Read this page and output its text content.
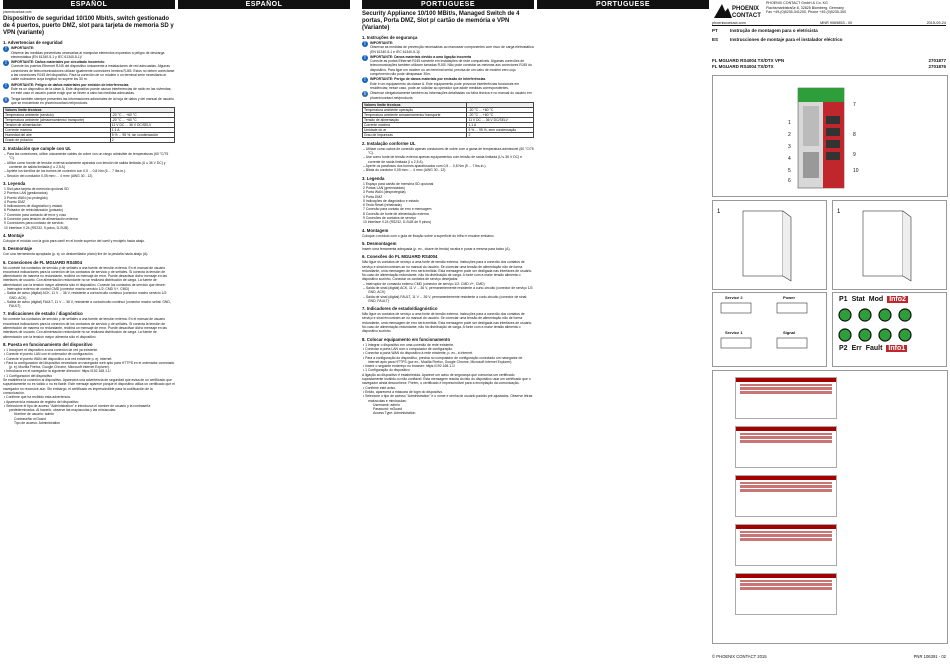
ESPAÑOL
phoenixcontact.com
Dispositivo de seguridad 10/100 Mbit/s, switch gestionado de 4 puertos, puerto DMZ, slot para tarjeta de memoria SD y VPN (variante)
1. Advertencias de seguridad
!	IMPORTANTE:
Observe las medidas preventivas necesarias al manipular elementos expuestos a peligro de descarga electrostática (EN 61340-5-1 y IEC 61340-5-1)!
!	IMPORTANTE: Daños materiales por circuitado incorrecto
Conecte los puertos Ethernet RJ45 del dispositivo únicamente a instalaciones de red adecuadas. Algunas conexiones de telecomunicaciones utilizan igualmente conectores hembra RJ45. Estos no deben conectarse a las conexiones RJ45 del dispositivo. Para la conexión de un módem o un terminal serie necesitará un cable nulmodem cuya longitud no supere los 30 m.
!	IMPORTANTE: Peligro de daños materiales por emisión de interferencias
Este es un dispositivo de la clase A. Este dispositivo puede causar interferencias de radio en las viviendas; en este caso el usuario puede exigir que se lleven a cabo las medidas adecuadas.
i	Tenga también siempre presentes las informaciones adicionales de la hoja de datos y del manual de usuario que se encuentran en phoenixcontact.net/products.
Valores límite técnicos	
Temperatura ambiente (servicio)	-20 °C ... +60 °C
Temperatura ambiente (almacenamiento/ transporte)	-20 °C ... +60 °C
Tensión de alimentación	11 V DC ... 36 V DC/SELV
Corriente máxima	1,1 A
Humedad del aire	5 % ... 95 %, sin condensación
Grado de polución	2
2. Instalación que cumple con UL
– Para las conexiones, utilice únicamente cables de cobre con un rango admisible de temperaturas (60 °C/75 °C).
– Utilice como fuente de tensión externa solamente aparatos con tensión de salida limitada (U ≤ 36 V DC) y corriente de salida limitada (I ≤ 2,5 A)
– Apriete los tornillos de los bornes de conexión con 0,5 ... 0,8 Nm (5 ... 7 lbs-in.).
– Sección del conductor 0,05 mm² ... 4 mm² (AWG 30 - 12)
3. Leyenda
1 Slot para tarjeta de memoria opcional SD
2 Puertos LAN (gestionados)
3 Puerto WAN (no protegido)
4 Puerto DMZ
5 Indicaciones de diagnóstico y estado
6 Pulsador de reinicialización (pulsado)
7 Conexión para contacto de error y voso
8 Conexión para tensión de alimentación externa
9 Conexiones para contacto de servicio
10 Interface V.24 (RS232, 9 polos, D-SUB)
4. Montaje
Coloque el módulo con la guía para carril en el borde superior del carril y encájelo hacia abajo.
5. Desmontaje
Con una herramienta apropiada (p. ej. un destornillador plano) tire de la pestaña hacia abajo (A).
6. Conexiones de FL MGUARD RS4004
No conecte los contactos de servicio y de señales a una fuente de tensión externa. En el manual de usuario encontrará indicaciones para la conexión de los contactos de servicio y de señales. Si conecta la tensión de alimentación de manera no redundante, recibirá un mensaje de error. Puede desactivar dicho mensaje en las interfaces de usuario. Con alimentación redundante no se realizará distribución de carga. La fuente de alimentación con la tensión mayor alimenta sólo el dispositivo. Conecte los contactos de servicio que desee:
– Interruptor externo de control CMD (conector macho servicio 1/2: CMD V+, CMD)
– Salida de aviso (digital) ACK, 11 V ... 36 V, resistente a cortocircuito continuo (conector macho servicio 1/2: GND, ACK)
– Salida de aviso (digital) FAULT, 11 V ... 36 V, resistente a cortocircuito continuo (conector macho señal: GND, FAULT)
7. Indicaciones de estado / diagnóstico
No conecte los contactos de servicio y de señales a una fuente de tensión externa. En el manual de usuario encontrará indicaciones para la conexión de los contactos de servicio y de señales. Si conecta la tensión de alimentación de manera no redundante, recibirá un mensaje de error. Puede desactivar dicho mensaje en las interfaces de usuario. Con alimentación redundante no se realizará distribución de carga. La fuente de alimentación con la tensión mayor alimenta sólo el dispositivo.
8. Puesta en funcionamiento del dispositivo
• 1 Incorpore el dispositivo a una conexión de red ya existente.
• Conecte el puerto LAN con el ordenador de configuración.
• Conecte el puerto WAN del dispositivo a la red existente p. ej. Internet.
• Para la configuración del dispositivo necesitará un navegador web apto para HTTPS en el ordenador conectado (p. ej. Mozilla Firefox, Google Chrome, Microsoft Internet Explorer).
• Introduzca en el navegador la siguiente dirección: https://192.168.1.1/
• 1 Configuración del dispositivo
Se establece la conexión al dispositivo. Aparecerá una advertencia de seguridad que avisa de un certificado que supuestamente no es válido o no es fiable. Este mensaje aparece porque el dispositivo utiliza un certificado que el navegador no reconoce aún. Sin embargo, el certificado es imprescindible para la codificación de la comunicación.
• Confirme que ha recibido esta advertencia.
• Aparecerá la máscara de registro del dispositivo.
• Seleccione el tipo de acceso "Administration" e introduzca el nombre de usuario y la contraseña predeterminados. Al hacerlo, observe las mayúsculas y las minúsculas:
Nombre de usuario: admin
Contraseña: mGuard
Tipo de acceso: Administration
ESPAÑOL	PORTUGUESE
Security Appliance 10/100 MBit/s, Managed Switch de 4 portas, Porta DMZ, Slot p/ cartão de memória e VPN (Variante)
1. Instruções de segurança
!	IMPORTANTE:
Observar as medidas de prevenção necessárias ao manusear componentes com risco de carga eletrostática (EN 61340-5-1 e IEC 61340-5-1)!
!	IMPORTANTE: Danos materiais devido a uma ligação incorreta
Conecte as portas Ethernet RJ45 somente em instalações de rede compatíveis. Algumas conexões de telecomunicações também utilizam tomadas RJ45. Não pode conectar as mesmas aos conectores RJ45 do dispositivo. Para ligar um modem ou um terminal serial, precisa de um cabo de modem zero cujo comprimento não pode ultrapassar 30m.
!	IMPORTANTE: Perigo de danos materiais por emissão de interferências
Este é um equipamento da classe A. Este equipamento pode provocar interferências funcionais em residências; nesse caso, pode-se solicitar ao operador que adote medidas correspondentes.
i	Observar obrigatoriamente também as informações detalhadas na folha técnica e no manual do usuário em phoenixcontact.net/products.
Valores limite técnicos	
Temperatura ambiente operação	-20 °C ... +60 °C
Temperatura ambiente armazenamento/ transporte	-20 °C ... +60 °C
Tensão de alimentação	11 V DC ... 36 V DC/SELV
Corrente máxima	1,1 A
Umidade do ar	5 % ... 95 %, sem condensação
Grau de impurezas	2
2. Instalação conforme UL
– Utilizar como cabos de conexão apenas condutores de cobre com a gama de temperatura admissível (60 °C/75 °C).
– Use como fonte de tensão externa apenas equipamentos com tensão de saída limitada (U ≤ 36 V DC) e corrente de saída limitada (I ≤ 2,5 A).
– Aperte os parafusos dos bornes aparafusados com 0,5 ... 0,8 Nm (5 ... 7 lbs-in.).
– Bitola do condutor 0,05 mm² ... 4 mm² (AWG 30 - 12)
3. Legenda
1 Espaço para cartão de memória SD opcional
2 Portas LAN (gerenciadas)
3 Porta WAN (desprotegida)
4 Porta DMZ
5 Indicações de diagnóstico e estado
6 Tecla Reset (rebaixada)
7 Conexão para contato de erro e mensagem
8 Conexão de fonte de alimentação externa
9 Conexões de contatos de serviço
10 Interface V.24 (RS232, D-SUB de 9 pinos)
4. Montagem
Coloque o módulo com o guia de fixação sobre a superfície do trilho e encaixe embaixo.
5. Desmontagem
Inserir uma ferramenta adequada (p. ex., chave de fenda) na aba e puxar a mesma para baixo (A).
6. Conexões do FL MGUARD RS4004
Não ligue os contatos de serviço a uma fonte de tensão externa. Instruções para a conexão dos contatos de serviço e sinal encontram-se no manual do usuário. Se conectar uma tensão de alimentação não de forma redundante, uma mensagem de erro será emitida. Esta mensagem pode ser desligada nas interfaces de usuário. No caso de alimentação redundante, não há distribuição de carga. A fonte com a maior tensão alimenta o dispositivo sozinho. Conectar os contatos de serviço desejados:
– Interruptor de comando externo CMD (conector de serviço 1/2: CMD V+, CMD)
– Saída de sinal (digital) ACK, 11 V ... 36 V, permanentemente resistente a curto-circuito (conector de serviço 1/2: GND, ACK)
– Saída de sinal (digital) FAULT, 11 V ... 36 V, permanentemente resistente a curto-circuito (conector de sinal: GND, FAULT)
7. Indicadores de estado/diagnóstico
Não ligue os contatos de serviço a uma fonte de tensão externa. Instruções para a conexão dos contatos de serviço e sinal encontram-se no manual do usuário. Se conectar uma tensão de alimentação não de forma redundante, uma mensagem de erro será emitida. Esta mensagem pode ser desligada nas interfaces de usuário. No caso de alimentação redundante, não há distribuição de carga. A fonte com a maior tensão alimenta o dispositivo sozinho.
8. Colocar equipamento em funcionamento
• 1 Integrar o dispositivo em uma conexão de rede existente.
• Conectar a porta LAN com o computador de configuração.
• Conectar a porta WAN do dispositivo à rede existente, p. ex., à Internet.
• Para a configuração do dispositivo, precisa no computador de configuração conectado um navegador de internet apto para HTTPS (por ex., Mozilla Firefox, Google Chrome, Microsoft Internet Explorer).
• Inserir o seguinte endereço no browser: https://192.168.1.1/
• 1 Configuração do dispositivo
A ligação ao dispositivo é estabelecida. Aparece um aviso de segurança que comunica um certificado supostamente inválido ou não confiável. Esta mensagem resulta do fato do dispositivo usar um certificado que o navegador ainda desconhece. Porém, o certificado é imprescindível para a encriptação da comunicação.
• Confirme este aviso.
• Então, aparecerá a máscara de login do dispositivo.
• Selecione o tipo de acesso "Administration" e o nome e senha de usuário padrão pré-ajustados. Observe letras maiúsculas e minúsculas:
Username: admin
Password: mGuard
Access Type: Administration
PORTUGUESE
PHOENIX
CONTACT
PHOENIX CONTACT GmbH & Co. KG
Flachsmarktstraße 8, 32825 Blomberg, Germany
Fax +49-(0)5235-341200, Phone +49-(0)5235-300
phoenixcontact.com	MNR 9069853 - 00	2015-09-24
PT	Instrução de montagem para o eletricista
ES	Instrucciones de montaje para el instalador eléctrico
FL MGUARD RS4004 TX/DTX VPN	2701877
FL MGUARD RS4004 TX/DTX	2701876
1
2
3
4
5
6
7
8
9
10
1	1
Service 2	Power
Service 1	Signal
P1 Stat Mod Info2
P2 Err Fault Info1
© PHOENIX CONTACT 2015	PNR 106391 - 02
